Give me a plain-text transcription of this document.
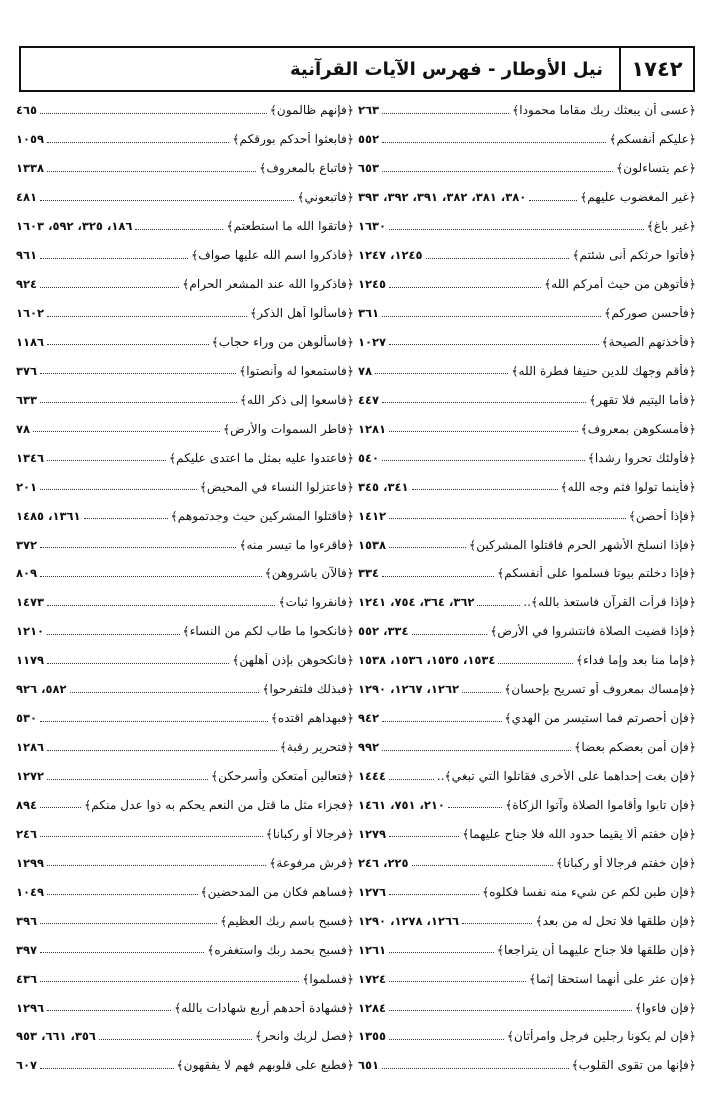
١٧٤٢
نيل الأوطار - فهرس الآيات القرآنية
﴿عسى أن يبعثك ربك مقاما محمودا﴾
٢٦٣
﴿عليكم أنفسكم﴾
٥٥٢
﴿عم يتساءلون﴾
٦٥٣
﴿غير المغضوب عليهم﴾
٣٨٠، ٣٨١، ٣٨٢، ٣٩١، ٣٩٢، ٣٩٣
﴿غير باغ﴾
١٦٣٠
﴿فأتوا حرثكم أنى شئتم﴾
١٢٤٥، ١٢٤٧
﴿فأتوهن من حيث أمركم الله﴾
١٢٤٥
﴿فأحسن صوركم﴾
٣٦١
﴿فأخذتهم الصيحة﴾
١٠٢٧
﴿فأقم وجهك للدين حنيفا فطرة الله﴾
٧٨
﴿فأما اليتيم فلا تقهر﴾
٤٤٧
﴿فأمسكوهن بمعروف﴾
١٢٨١
﴿فأولئك تحروا رشدا﴾
٥٤٠
﴿فأينما تولوا فثم وجه الله﴾
٣٤١، ٣٤٥
﴿فإذا أحصن﴾
١٤١٢
﴿فإذا انسلخ الأشهر الحرم فاقتلوا المشركين﴾
١٥٣٨
﴿فإذا دخلتم بيوتا فسلموا على أنفسكم﴾
٣٣٤
﴿فإذا قرأت القرآن فاستعذ بالله﴾..
٣٦٢، ٣٦٤، ٧٥٤، ١٢٤١
﴿فإذا قضيت الصلاة فانتشروا في الأرض﴾
٣٣٤، ٥٥٢
﴿فإما منا بعد وإما فداء﴾
١٥٣٤، ١٥٣٥، ١٥٣٦، ١٥٣٨
﴿فإمساك بمعروف أو تسريح بإحسان﴾
١٢٦٢، ١٢٦٧، ١٢٩٠
﴿فإن أحصرتم فما استيسر من الهدي﴾
٩٤٢
﴿فإن أمن بعضكم بعضا﴾
٩٩٢
﴿فإن بغت إحداهما على الأخرى فقاتلوا التي تبغي﴾..
١٤٤٤
﴿فإن تابوا وأقاموا الصلاة وآتوا الزكاة﴾
٢١٠، ٧٥١، ١٤٦١
﴿فإن خفتم ألا يقيما حدود الله فلا جناح عليهما﴾
١٢٧٩
﴿فإن خفتم فرجالا أو ركبانا﴾
٢٢٥، ٢٤٦
﴿فإن طبن لكم عن شيء منه نفسا فكلوه﴾
١٢٧٦
﴿فإن طلقها فلا تحل له من بعد﴾
١٢٦٦، ١٢٧٨، ١٢٩٠
﴿فإن طلقها فلا جناح عليهما أن يتراجعا﴾
١٢٦١
﴿فإن عثر على أنهما استحقا إثما﴾
١٧٢٤
﴿فإن فاءوا﴾
١٢٨٤
﴿فإن لم يكونا رجلين فرجل وامرأتان﴾
١٣٥٥
﴿فإنها من تقوى القلوب﴾
٦٥١
﴿فإنهم ظالمون﴾
٤٦٥
﴿فابعثوا أحدكم بورقكم﴾
١٠٥٩
﴿فاتباع بالمعروف﴾
١٣٣٨
﴿فاتبعوني﴾
٤٨١
﴿فاتقوا الله ما استطعتم﴾
١٨٦، ٣٢٥، ٥٩٢، ١٦٠٣
﴿فاذكروا اسم الله عليها صواف﴾
٩٦١
﴿فاذكروا الله عند المشعر الحرام﴾
٩٢٤
﴿فاسألوا أهل الذكر﴾
١٦٠٢
﴿فاسألوهن من وراء حجاب﴾
١١٨٦
﴿فاستمعوا له وأنصتوا﴾
٣٧٦
﴿فاسعوا إلى ذكر الله﴾
٦٣٣
﴿فاطر السموات والأرض﴾
٧٨
﴿فاعتدوا عليه بمثل ما اعتدى عليكم﴾
١٣٤٦
﴿فاعتزلوا النساء في المحيض﴾
٢٠١
﴿فاقتلوا المشركين حيث وجدتموهم﴾
١٣٦١، ١٤٨٥
﴿فاقرءوا ما تيسر منه﴾
٣٧٢
﴿فالآن باشروهن﴾
٨٠٩
﴿فانفروا ثبات﴾
١٤٧٣
﴿فانكحوا ما طاب لكم من النساء﴾
١٢١٠
﴿فانكحوهن بإذن أهلهن﴾
١١٧٩
﴿فبذلك فلتفرحوا﴾
٥٨٢، ٩٢٦
﴿فبهداهم اقتده﴾
٥٣٠
﴿فتحرير رقبة﴾
١٢٨٦
﴿فتعالين أمتعكن وأسرحكن﴾
١٢٧٢
﴿فجزاء مثل ما قتل من النعم يحكم به ذوا عدل منكم﴾
٨٩٤
﴿فرجالا أو ركبانا﴾
٢٤٦
﴿فرش مرفوعة﴾
١٢٩٩
﴿فساهم فكان من المدحضين﴾
١٠٤٩
﴿فسبح باسم ربك العظيم﴾
٣٩٦
﴿فسبح بحمد ربك واستغفره﴾
٣٩٧
﴿فسلموا﴾
٤٣٦
﴿فشهادة أحدهم أربع شهادات بالله﴾
١٢٩٦
﴿فصل لربك وانحر﴾
٣٥٦، ٦٦١، ٩٥٣
﴿فطبع على قلوبهم فهم لا يفقهون﴾
٦٠٧
